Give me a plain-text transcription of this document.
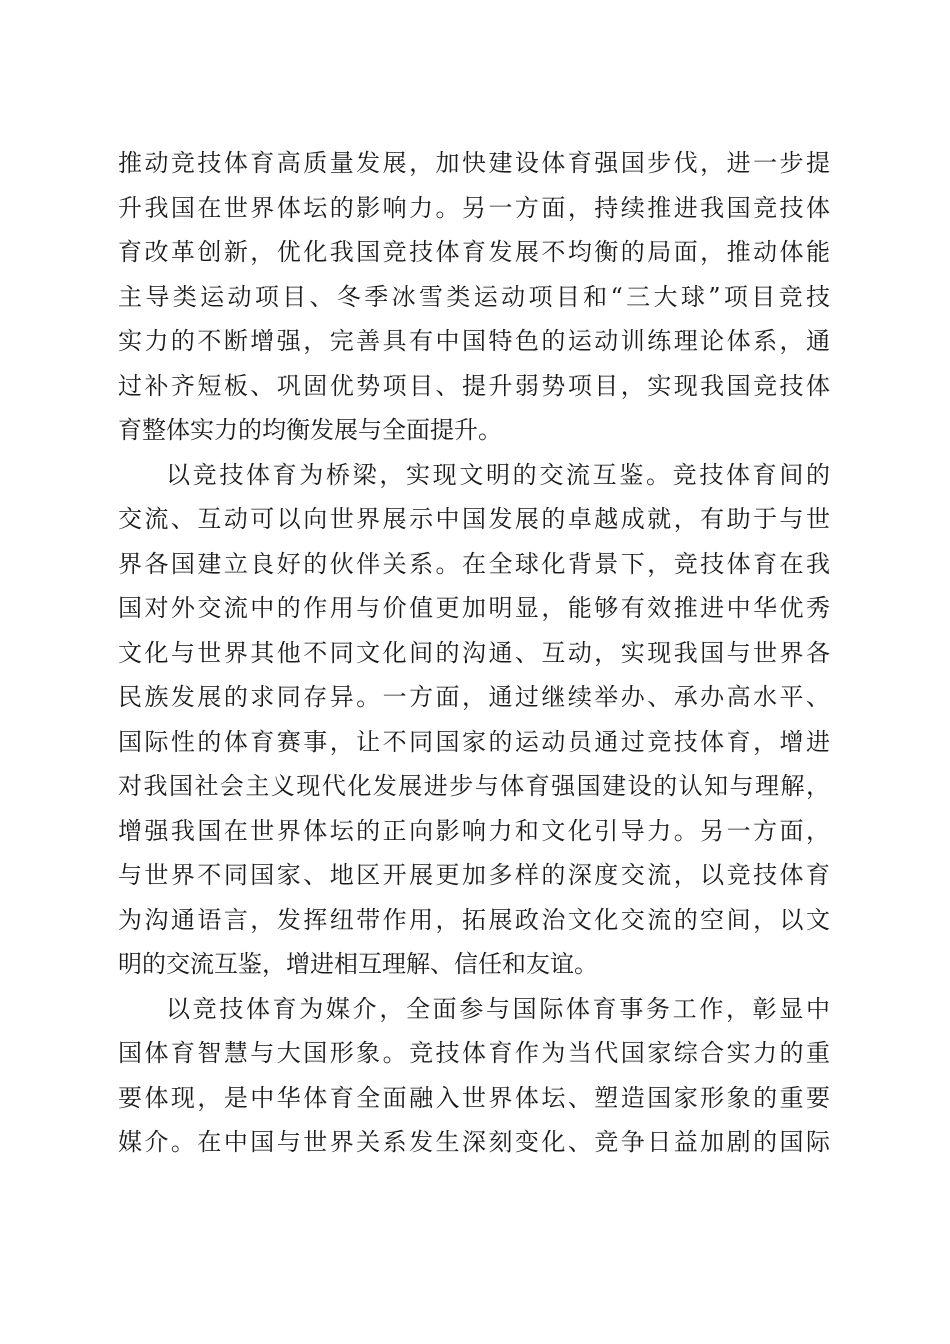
推动竞技体育高质量发展，加快建设体育强国步伐，进一步提
升我国在世界体坛的影响力。另一方面，持续推进我国竞技体
育改革创新，优化我国竞技体育发展不均衡的局面，推动体能
主导类运动项目、冬季冰雪类运动项目和“三大球”项目竞技
实力的不断增强，完善具有中国特色的运动训练理论体系，通
过补齐短板、巩固优势项目、提升弱势项目，实现我国竞技体
育整体实力的均衡发展与全面提升。
以竞技体育为桥梁，实现文明的交流互鉴。竞技体育间的
交流、互动可以向世界展示中国发展的卓越成就，有助于与世
界各国建立良好的伙伴关系。在全球化背景下，竞技体育在我
国对外交流中的作用与价值更加明显，能够有效推进中华优秀
文化与世界其他不同文化间的沟通、互动，实现我国与世界各
民族发展的求同存异。一方面，通过继续举办、承办高水平、
国际性的体育赛事，让不同国家的运动员通过竞技体育，增进
对我国社会主义现代化发展进步与体育强国建设的认知与理解，
增强我国在世界体坛的正向影响力和文化引导力。另一方面，
与世界不同国家、地区开展更加多样的深度交流，以竞技体育
为沟通语言，发挥纽带作用，拓展政治文化交流的空间，以文
明的交流互鉴，增进相互理解、信任和友谊。
以竞技体育为媒介，全面参与国际体育事务工作，彰显中
国体育智慧与大国形象。竞技体育作为当代国家综合实力的重
要体现，是中华体育全面融入世界体坛、塑造国家形象的重要
媒介。在中国与世界关系发生深刻变化、竞争日益加剧的国际
